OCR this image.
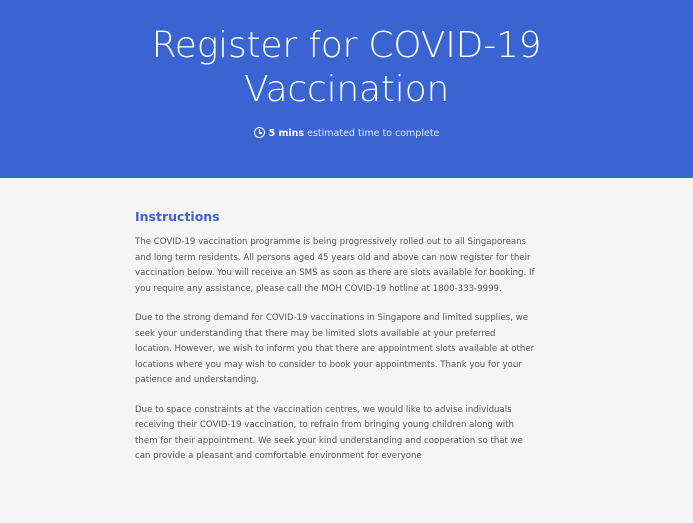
Register for COVID-19
Vaccination
5 mins estimated time to complete
Instructions

The COVID-19 vaccination programme is being progressively rolled out to all Singaporeans and long term residents. All persons aged 45 years old and above can now register for their vaccination below. You will receive an SMS as soon as there are slots available for booking. If you require any assistance, please call the MOH COVID-19 hotline at 1800-333-9999.

Due to the strong demand for COVID-19 vaccinations in Singapore and limited supplies, we seek your understanding that there may be limited slots available at your preferred location. However, we wish to inform you that there are appointment slots available at other locations where you may wish to consider to book your appointments. Thank you for your patience and understanding.

Due to space constraints at the vaccination centres, we would like to advise individuals receiving their COVID-19 vaccination, to refrain from bringing young children along with them for their appointment. We seek your kind understanding and cooperation so that we can provide a pleasant and comfortable environment for everyone
